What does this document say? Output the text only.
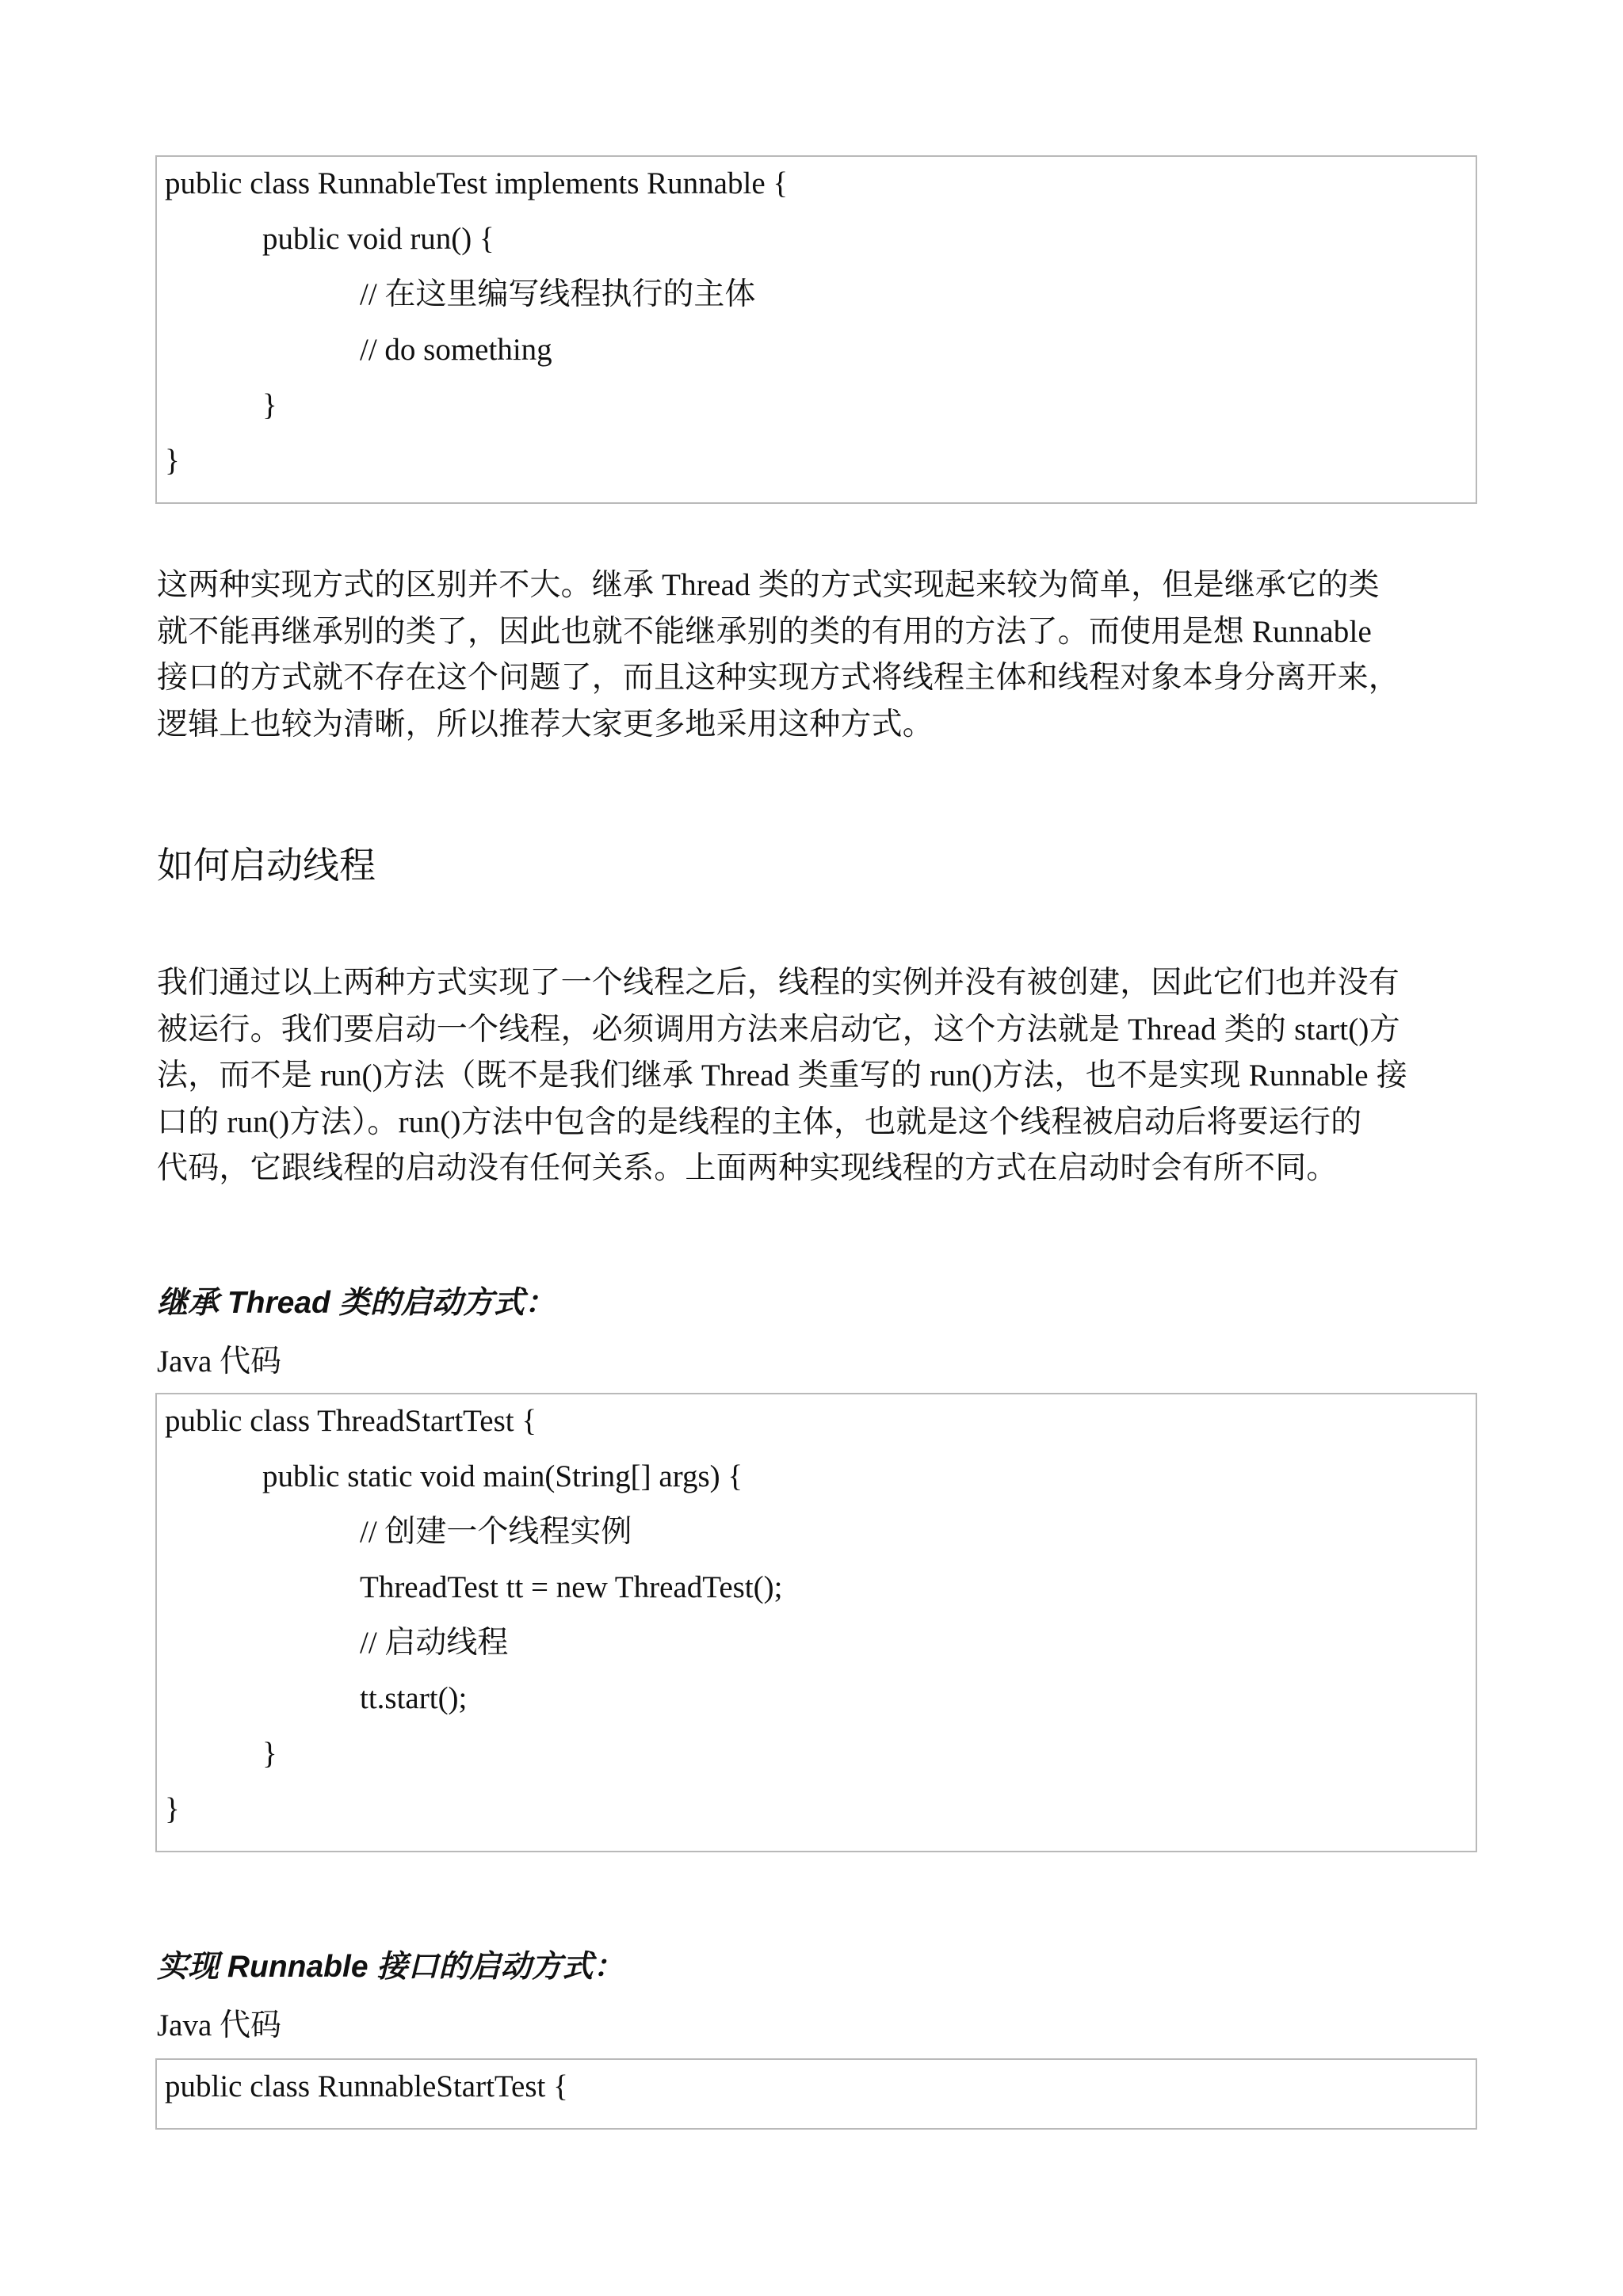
public class RunnableTest implements Runnable {
public void run() {
// 在这里编写线程执行的主体
// do something
}
}
这两种实现方式的区别并不大。继承 Thread 类的方式实现起来较为简单，但是继承它的类
就不能再继承别的类了，因此也就不能继承别的类的有用的方法了。而使用是想 Runnable
接口的方式就不存在这个问题了，而且这种实现方式将线程主体和线程对象本身分离开来，
逻辑上也较为清晰，所以推荐大家更多地采用这种方式。
如何启动线程
我们通过以上两种方式实现了一个线程之后，线程的实例并没有被创建，因此它们也并没有
被运行。我们要启动一个线程，必须调用方法来启动它，这个方法就是 Thread 类的 start()方
法，而不是 run()方法（既不是我们继承 Thread 类重写的 run()方法，也不是实现 Runnable 接
口的 run()方法）。run()方法中包含的是线程的主体，也就是这个线程被启动后将要运行的
代码，它跟线程的启动没有任何关系。上面两种实现线程的方式在启动时会有所不同。
继承 Thread 类的启动方式：
Java 代码
public class ThreadStartTest {
public static void main(String[] args) {
// 创建一个线程实例
ThreadTest tt = new ThreadTest();
// 启动线程
tt.start();
}
}
实现 Runnable 接口的启动方式：
Java 代码
public class RunnableStartTest {
